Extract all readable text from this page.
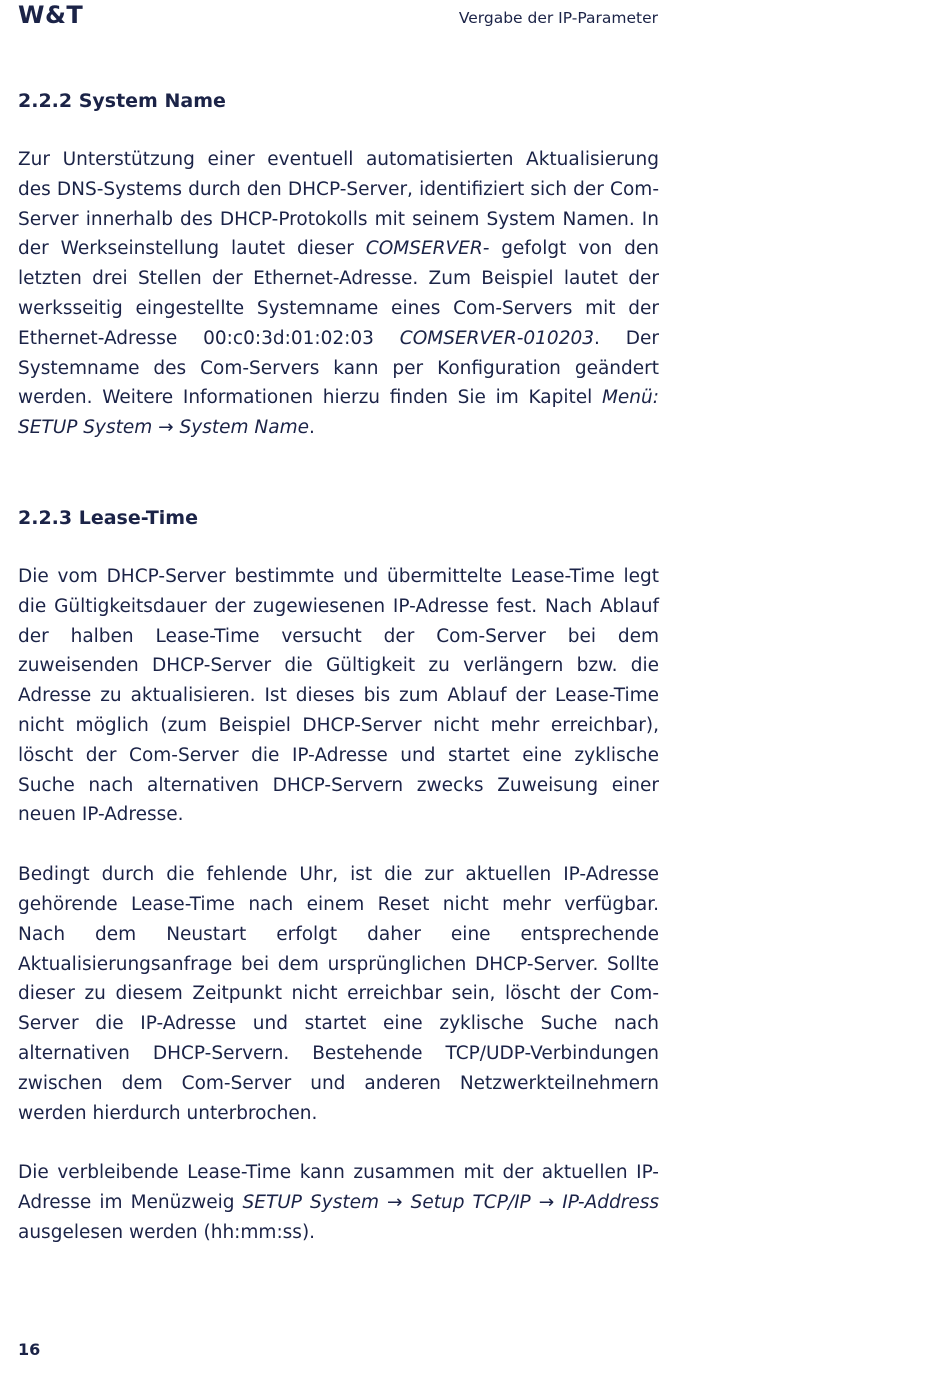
W&T	Vergabe der IP-Parameter
2.2.2 System Name

Zur Unterstützung einer eventuell automatisierten Aktualisierung des DNS-Systems durch den DHCP-Server, identifiziert sich der Com-Server innerhalb des DHCP-Protokolls mit seinem System Namen. In der Werkseinstellung lautet dieser COMSERVER- gefolgt von den letzten drei Stellen der Ethernet-Adresse. Zum Beispiel lautet der werksseitig eingestellte Systemname eines Com-Servers mit der Ethernet-Adresse 00:c0:3d:01:02:03 COMSERVER-010203. Der Systemname des Com-Servers kann per Konfiguration geändert werden. Weitere Informationen hierzu finden Sie im Kapitel Menü: SETUP System → System Name.

2.2.3 Lease-Time

Die vom DHCP-Server bestimmte und übermittelte Lease-Time legt die Gültigkeitsdauer der zugewiesenen IP-Adresse fest. Nach Ablauf der halben Lease-Time versucht der Com-Server bei dem zuweisenden DHCP-Server die Gültigkeit zu verlängern bzw. die Adresse zu aktualisieren. Ist dieses bis zum Ablauf der Lease-Time nicht möglich (zum Beispiel DHCP-Server nicht mehr erreichbar), löscht der Com-Server die IP-Adresse und startet eine zyklische Suche nach alternativen DHCP-Servern zwecks Zuweisung einer neuen IP-Adresse.

Bedingt durch die fehlende Uhr, ist die zur aktuellen IP-Adresse gehörende Lease-Time nach einem Reset nicht mehr verfügbar. Nach dem Neustart erfolgt daher eine entsprechende Aktualisierungsanfrage bei dem ursprünglichen DHCP-Server. Sollte dieser zu diesem Zeitpunkt nicht erreichbar sein, löscht der Com-Server die IP-Adresse und startet eine zyklische Suche nach alternativen DHCP-Servern. Bestehende TCP/UDP-Verbindungen zwischen dem Com-Server und anderen Netzwerkteilnehmern werden hierdurch unterbrochen.

Die verbleibende Lease-Time kann zusammen mit der aktuellen IP-Adresse im Menüzweig SETUP System → Setup TCP/IP → IP-Address ausgelesen werden (hh:mm:ss).

16
